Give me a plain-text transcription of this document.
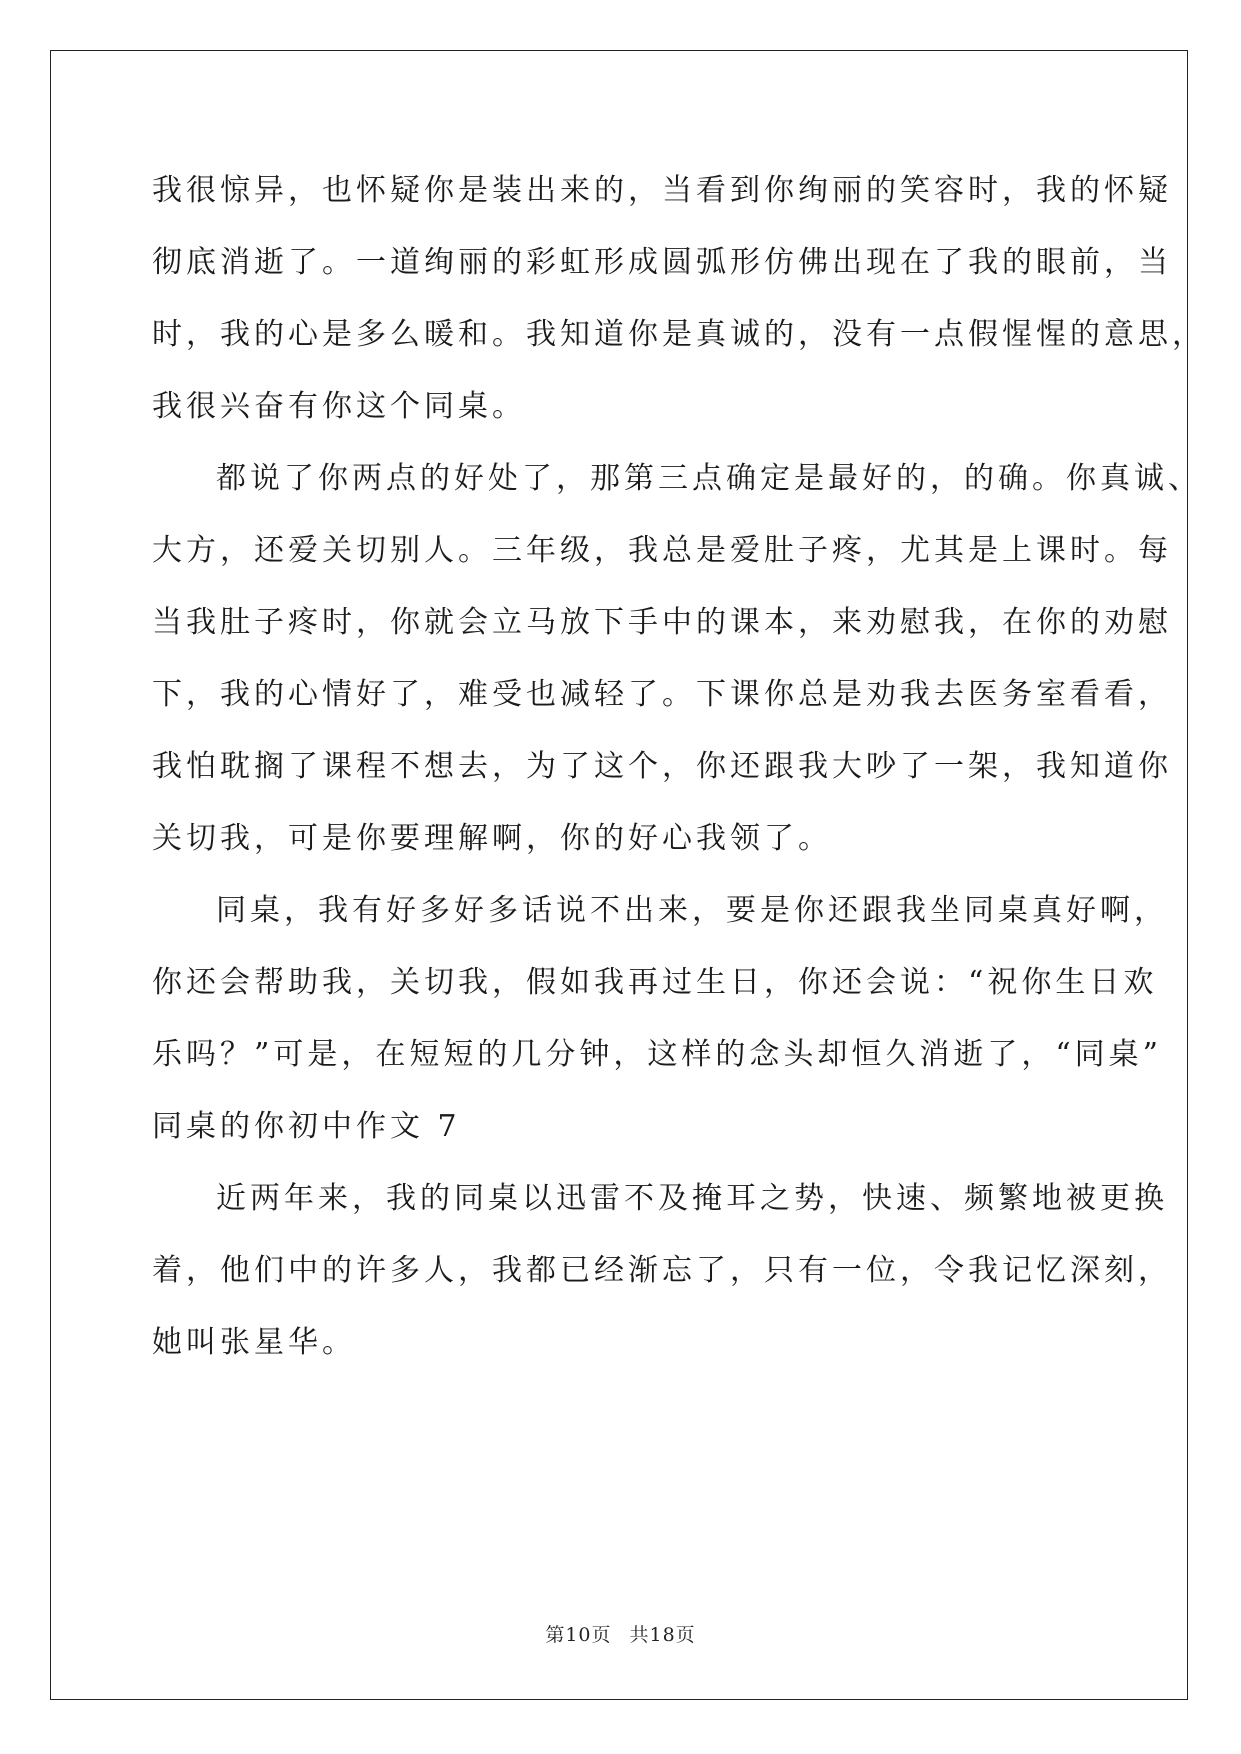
我很惊异，也怀疑你是装出来的，当看到你绚丽的笑容时，我的怀疑

彻底消逝了。一道绚丽的彩虹形成圆弧形仿佛出现在了我的眼前，当

时，我的心是多么暖和。我知道你是真诚的，没有一点假惺惺的意思，

我很兴奋有你这个同桌。

都说了你两点的好处了，那第三点确定是最好的，的确。你真诚、

大方，还爱关切别人。三年级，我总是爱肚子疼，尤其是上课时。每

当我肚子疼时，你就会立马放下手中的课本，来劝慰我，在你的劝慰

下，我的心情好了，难受也减轻了。下课你总是劝我去医务室看看，

我怕耽搁了课程不想去，为了这个，你还跟我大吵了一架，我知道你

关切我，可是你要理解啊，你的好心我领了。

同桌，我有好多好多话说不出来，要是你还跟我坐同桌真好啊，

你还会帮助我，关切我，假如我再过生日，你还会说：“祝你生日欢

乐吗？”可是，在短短的几分钟，这样的念头却恒久消逝了，“同桌”

同桌的你初中作文 7

近两年来，我的同桌以迅雷不及掩耳之势，快速、频繁地被更换

着，他们中的许多人，我都已经渐忘了，只有一位，令我记忆深刻，

她叫张星华。

第10页 共18页
